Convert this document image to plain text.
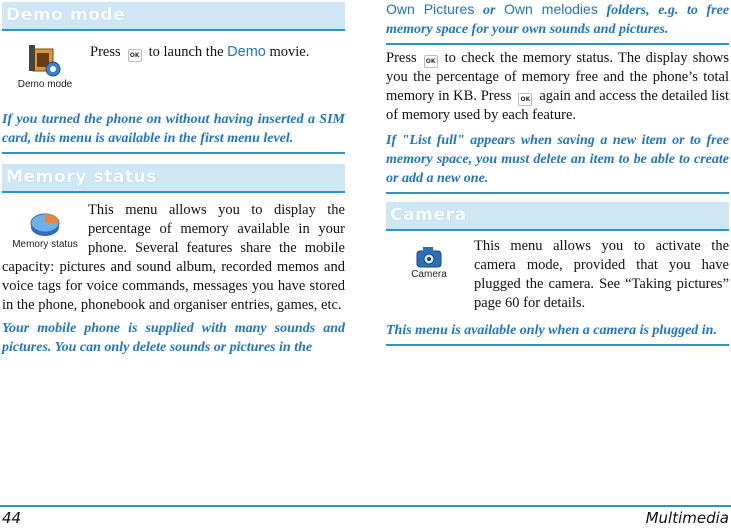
Demo mode
Demo mode
Press OK to launch the Demo movie.
If you turned the phone on without having inserted a SIM card, this menu is available in the first menu level.
Memory status
Memory status
This menu allows you to display the percentage of memory available in your phone. Several features share the mobile capacity: pictures and sound album, recorded memos and voice tags for voice commands, messages you have stored in the phone, phonebook and organiser entries, games, etc.
Your mobile phone is supplied with many sounds and pictures. You can only delete sounds or pictures in the
Own Pictures or Own melodies folders, e.g. to free memory space for your own sounds and pictures.
Press OK to check the memory status. The display shows you the percentage of memory free and the phone’s total memory in KB. Press OK again and access the detailed list of memory used by each feature.
If "List full" appears when saving a new item or to free memory space, you must delete an item to be able to create or add a new one.
Camera
Camera
This menu allows you to activate the camera mode, provided that you have plugged the camera. See “Taking pictures” page 60 for details.
This menu is available only when a camera is plugged in.
44	Multimedia
